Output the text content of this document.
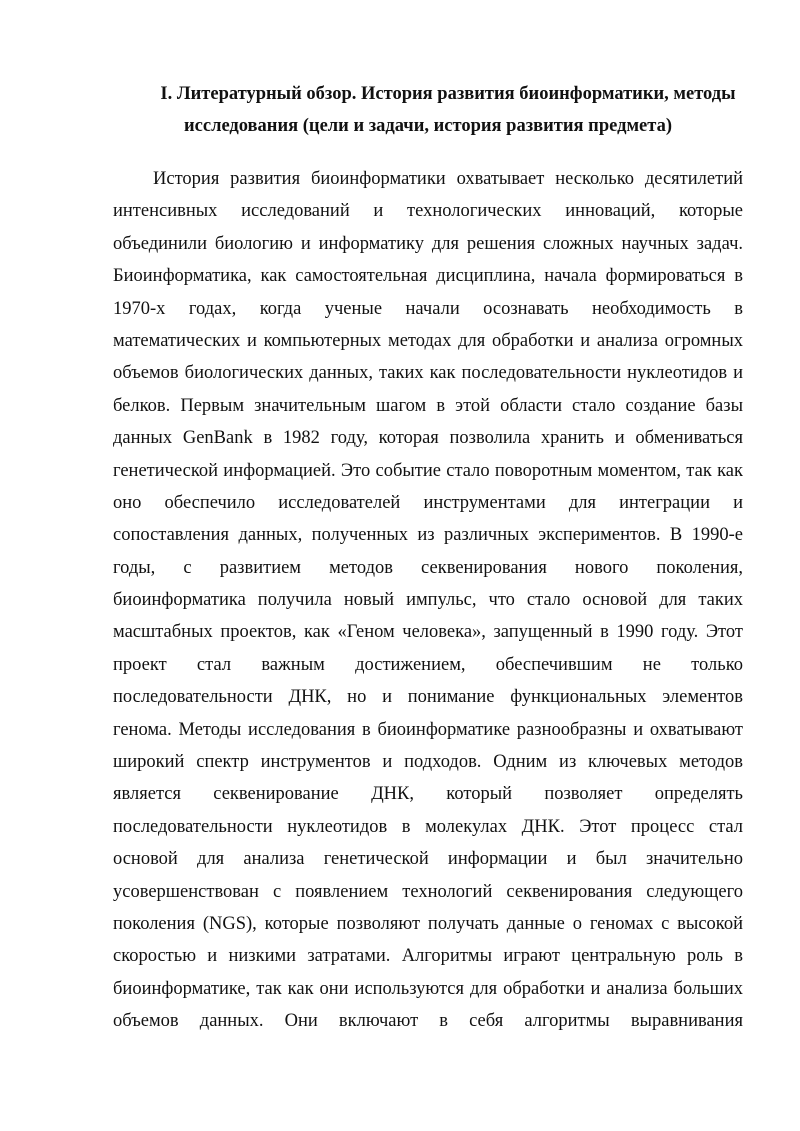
I. Литературный обзор. История развития биоинформатики, методы
исследования (цели и задачи, история развития предмета)
История развития биоинформатики охватывает несколько десятилетий
интенсивных исследований и технологических инноваций, которые
объединили биологию и информатику для решения сложных научных задач.
Биоинформатика, как самостоятельная дисциплина, начала формироваться в
1970-х годах, когда ученые начали осознавать необходимость в
математических и компьютерных методах для обработки и анализа огромных
объемов биологических данных, таких как последовательности нуклеотидов и
белков. Первым значительным шагом в этой области стало создание базы
данных GenBank в 1982 году, которая позволила хранить и обмениваться
генетической информацией. Это событие стало поворотным моментом, так как
оно обеспечило исследователей инструментами для интеграции и
сопоставления данных, полученных из различных экспериментов. В 1990-е
годы, с развитием методов секвенирования нового поколения,
биоинформатика получила новый импульс, что стало основой для таких
масштабных проектов, как «Геном человека», запущенный в 1990 году. Этот
проект стал важным достижением, обеспечившим не только
последовательности ДНК, но и понимание функциональных элементов
генома. Методы исследования в биоинформатике разнообразны и охватывают
широкий спектр инструментов и подходов. Одним из ключевых методов
является секвенирование ДНК, который позволяет определять
последовательности нуклеотидов в молекулах ДНК. Этот процесс стал
основой для анализа генетической информации и был значительно
усовершенствован с появлением технологий секвенирования следующего
поколения (NGS), которые позволяют получать данные о геномах с высокой
скоростью и низкими затратами. Алгоритмы играют центральную роль в
биоинформатике, так как они используются для обработки и анализа больших
объемов данных. Они включают в себя алгоритмы выравнивания
